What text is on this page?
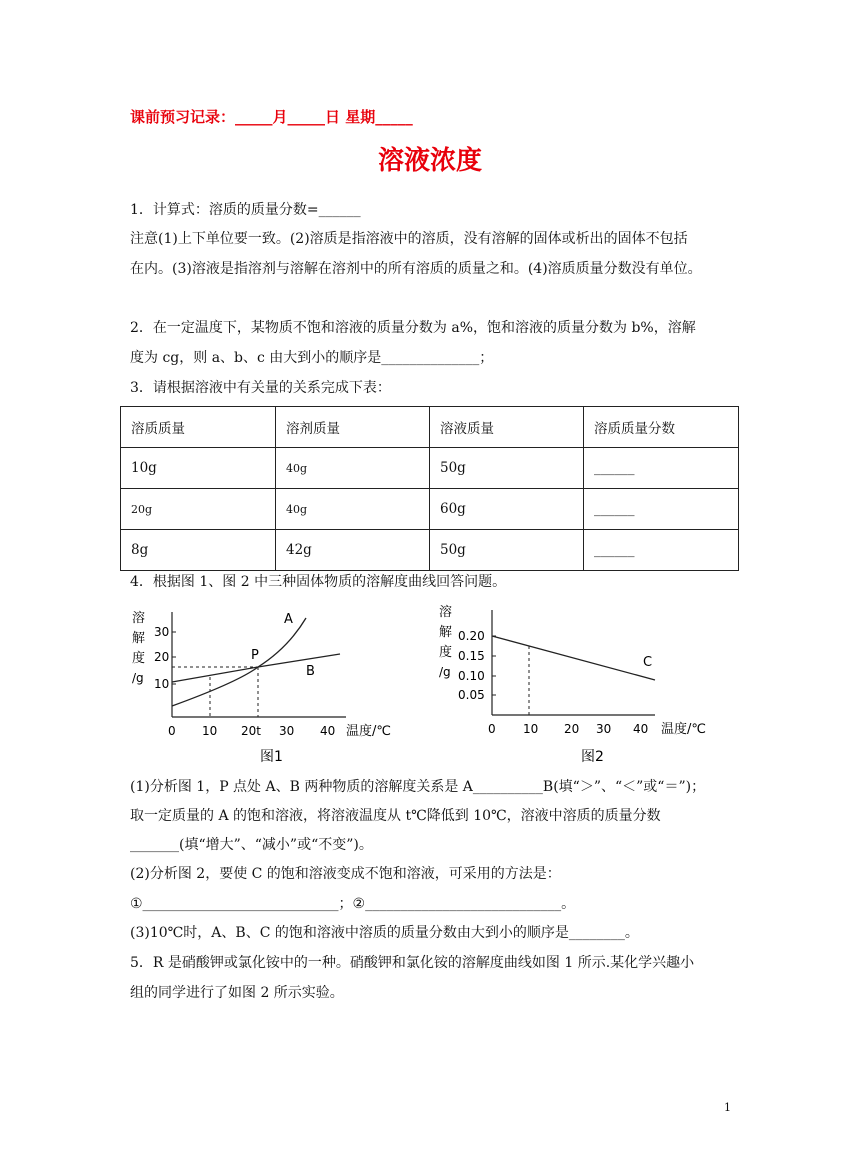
课前预习记录：_____月_____日 星期_____
溶液浓度
1．计算式：溶质的质量分数=______
注意(1)上下单位要一致。(2)溶质是指溶液中的溶质，没有溶解的固体或析出的固体不包括
在内。(3)溶液是指溶剂与溶解在溶剂中的所有溶质的质量之和。(4)溶质质量分数没有单位。
2．在一定温度下，某物质不饱和溶液的质量分数为 a%，饱和溶液的质量分数为 b%，溶解
度为 cg，则 a、b、c 由大到小的顺序是______________；
3．请根据溶液中有关量的关系完成下表：
溶质质量	溶剂质量	溶液质量	溶质质量分数
10g	40g	50g	______
20g	40g	60g	______
8g	42g	50g	______
4．根据图 1、图 2 中三种固体物质的溶解度曲线回答问题。
溶
解
度
/g
30
20
10
0 10 20t 30 40 温度/℃
A
B
P
图1
溶
解
度
/g
0.20
0.15
0.10
0.05
0 10 20 30 40 温度/℃
C
图2
(1)分析图 1，P 点处 A、B 两种物质的溶解度关系是 A__________B(填“＞”、“＜”或“＝”)；
取一定质量的 A 的饱和溶液，将溶液温度从 t℃降低到 10℃，溶液中溶质的质量分数
_______(填“增大”、“减小”或“不变”)。
(2)分析图 2，要使 C 的饱和溶液变成不饱和溶液，可采用的方法是：
①____________________________；②____________________________。
(3)10℃时，A、B、C 的饱和溶液中溶质的质量分数由大到小的顺序是________。
5．R 是硝酸钾或氯化铵中的一种。硝酸钾和氯化铵的溶解度曲线如图 1 所示.某化学兴趣小
组的同学进行了如图 2 所示实验。
1
